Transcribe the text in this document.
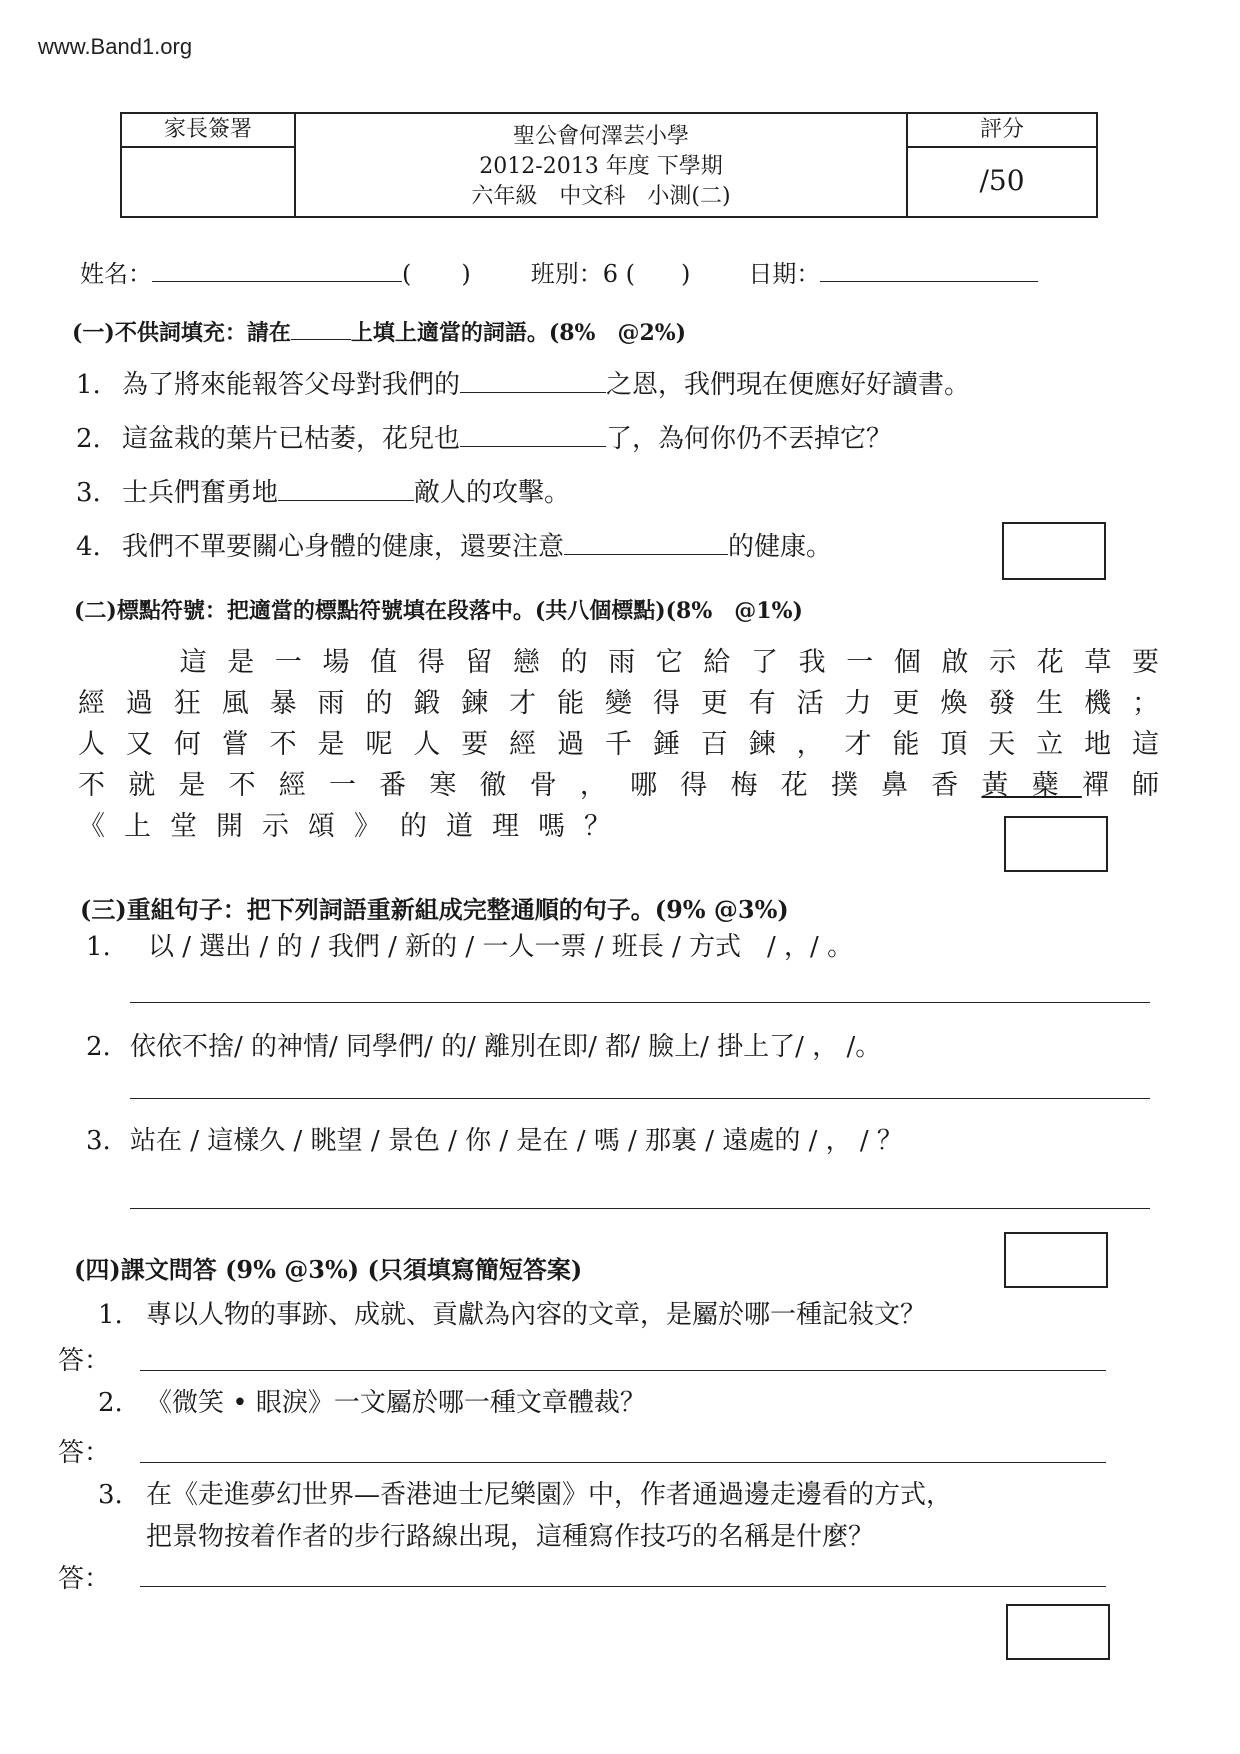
www.Band1.org
家長簽署	聖公會何澤芸小學
2012-2013 年度 下學期
六年級　中文科　小測(二)
評分
/50
姓名：	( )	班別：6 ( ) 日期：
(一)不供詞填充：請在	上填上適當的詞語。(8%　@2%)
1. 為了將來能報答父母對我們的	之恩，我們現在便應好好讀書。
2. 這盆栽的葉片已枯萎，花兒也	了，為何你仍不丟掉它？
3. 士兵們奮勇地	敵人的攻擊。
4. 我們不單要關心身體的健康，還要注意	的健康。
(二)標點符號：把適當的標點符號填在段落中。(共八個標點)(8%　@1%)
這是一場值得留戀的雨它給了我一個啟示花草要經過狂風暴雨的鍛鍊才能變得更有活力更煥發生機；人又何嘗不是呢人要經過千錘百鍊，才能頂天立地這不就是不經一番寒徹骨，哪得梅花撲鼻香黃蘗禪師《上堂開示頌》的道理嗎？
(三)重組句子：把下列詞語重新組成完整通順的句子。(9% @3%)
1. 以 / 選出 / 的 / 我們 / 新的 / 一人一票 / 班長 / 方式　/ ，/ 。
2. 依依不捨/ 的神情/ 同學們/ 的/ 離別在即/ 都/ 臉上/ 掛上了/ ， /。
3. 站在 / 這樣久 / 眺望 / 景色 / 你 / 是在 / 嗎 / 那裏 / 遠處的 / ， / ？
(四)課文問答 (9% @3%) (只須填寫簡短答案)
1. 專以人物的事跡、成就、貢獻為內容的文章，是屬於哪一種記敍文？
答：
2. 《微笑 • 眼淚》一文屬於哪一種文章體裁？
答：
3. 在《走進夢幻世界—香港迪士尼樂園》中，作者通過邊走邊看的方式，
把景物按着作者的步行路線出現，這種寫作技巧的名稱是什麼？
答：
